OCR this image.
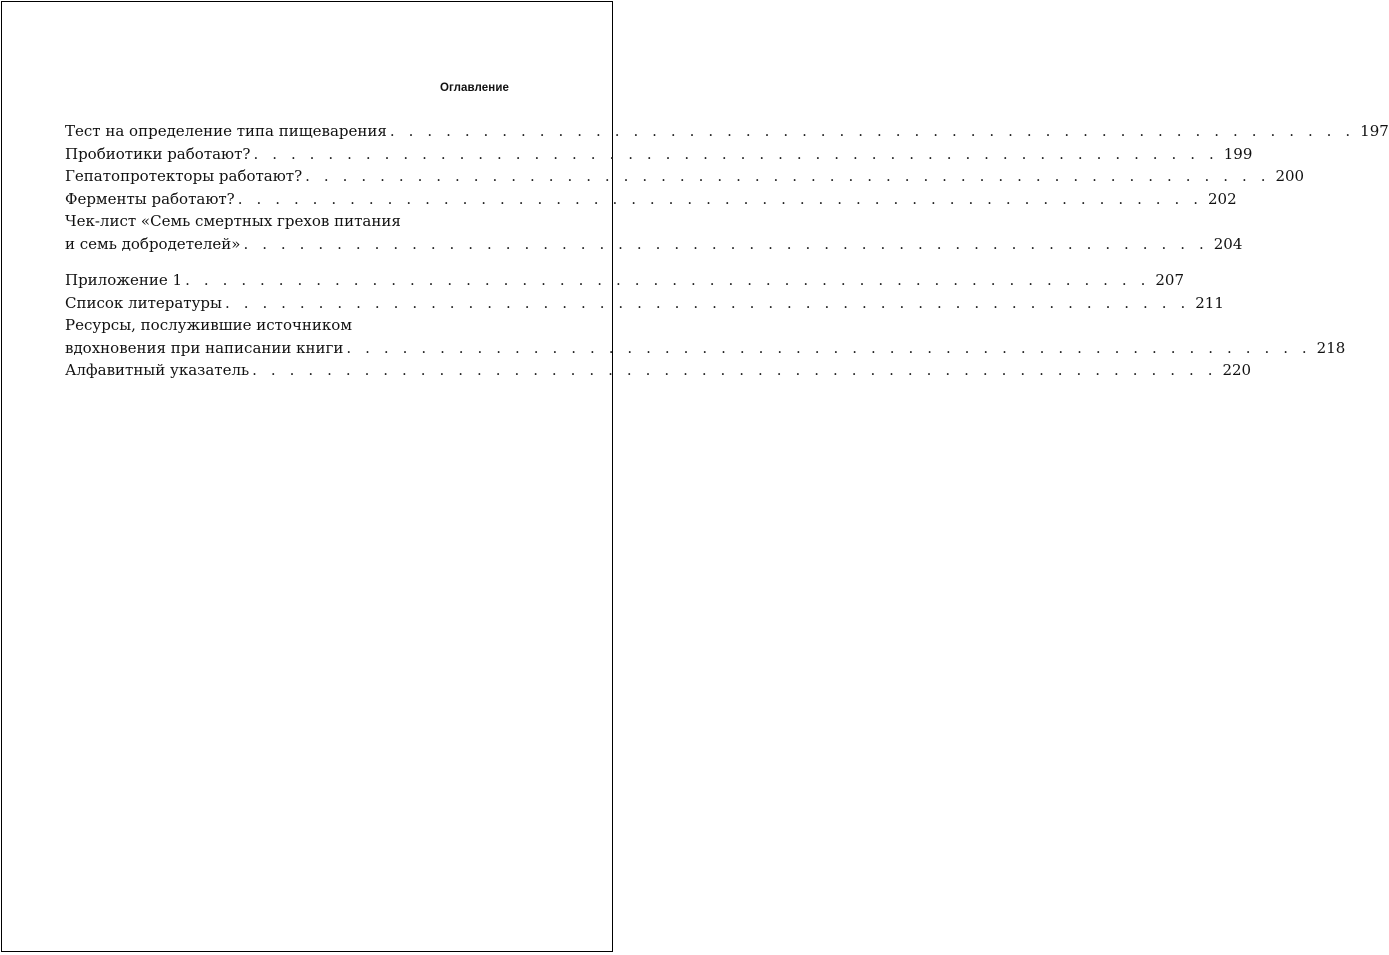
Оглавление
Тест на определение типа пищеварения . . . . . . . . . . . . . . . . . . . . . . . . . . . . . . . . . . . . . . . . . . . . . . . . . . . . 197
Пробиотики работают? . . . . . . . . . . . . . . . . . . . . . . . . . . . . . . . . . . . . . . . . . . . . . . . . . . . . 199
Гепатопротекторы работают? . . . . . . . . . . . . . . . . . . . . . . . . . . . . . . . . . . . . . . . . . . . . . . . . . . . . 200
Ферменты работают? . . . . . . . . . . . . . . . . . . . . . . . . . . . . . . . . . . . . . . . . . . . . . . . . . . . . 202
Чек-лист «Семь смертных грехов питания
и семь добродетелей» . . . . . . . . . . . . . . . . . . . . . . . . . . . . . . . . . . . . . . . . . . . . . . . . . . . . 204
Приложение 1 . . . . . . . . . . . . . . . . . . . . . . . . . . . . . . . . . . . . . . . . . . . . . . . . . . . . 207
Список литературы . . . . . . . . . . . . . . . . . . . . . . . . . . . . . . . . . . . . . . . . . . . . . . . . . . . . 211
Ресурсы, послужившие источником
вдохновения при написании книги . . . . . . . . . . . . . . . . . . . . . . . . . . . . . . . . . . . . . . . . . . . . . . . . . . . . 218
Алфавитный указатель . . . . . . . . . . . . . . . . . . . . . . . . . . . . . . . . . . . . . . . . . . . . . . . . . . . . 220
